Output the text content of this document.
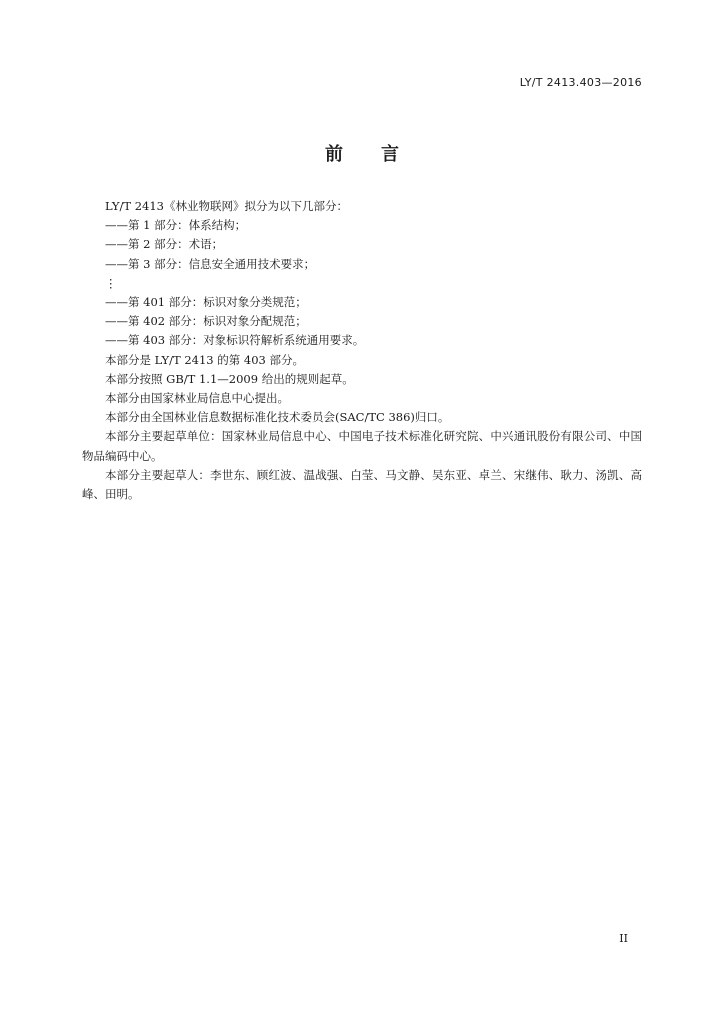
LY/T 2413.403—2016
前言
LY/T 2413《林业物联网》拟分为以下几部分：
——第 1 部分：体系结构；
——第 2 部分：术语；
——第 3 部分：信息安全通用技术要求；
⋮
——第 401 部分：标识对象分类规范；
——第 402 部分：标识对象分配规范；
——第 403 部分：对象标识符解析系统通用要求。
本部分是 LY/T 2413 的第 403 部分。
本部分按照 GB/T 1.1—2009 给出的规则起草。
本部分由国家林业局信息中心提出。
本部分由全国林业信息数据标准化技术委员会(SAC/TC 386)归口。
本部分主要起草单位：国家林业局信息中心、中国电子技术标准化研究院、中兴通讯股份有限公司、中国物品编码中心。
本部分主要起草人：李世东、顾红波、温战强、白莹、马文静、吴东亚、卓兰、宋继伟、耿力、汤凯、高峰、田明。
II
